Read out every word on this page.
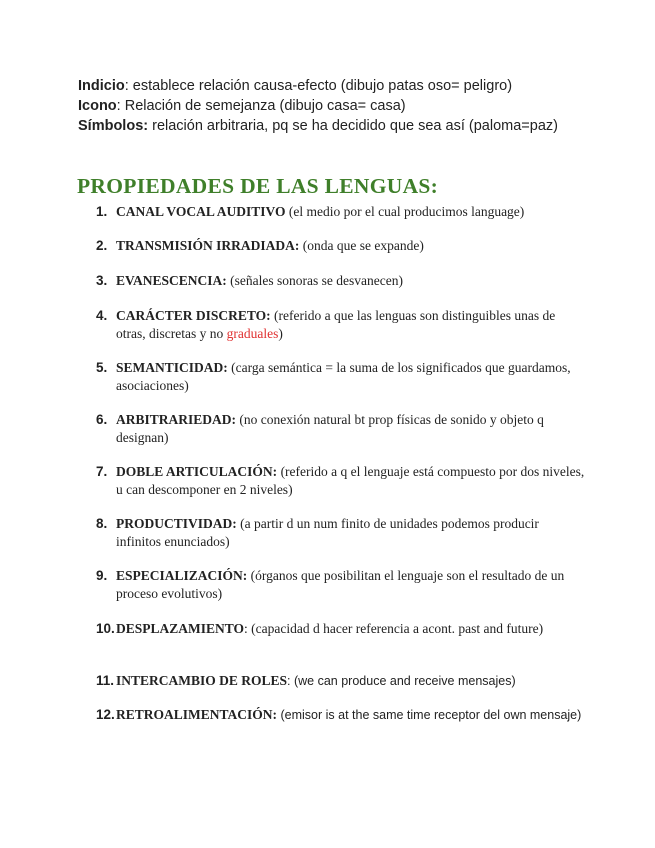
Indicio: establece relación causa-efecto (dibujo patas oso= peligro)
Icono: Relación de semejanza (dibujo casa= casa)
Símbolos: relación arbitraria, pq se ha decidido que sea así (paloma=paz)
PROPIEDADES DE LAS LENGUAS:
1. CANAL VOCAL AUDITIVO (el medio por el cual producimos language)
2. TRANSMISIÓN IRRADIADA: (onda que se expande)
3. EVANESCENCIA: (señales sonoras se desvanecen)
4. CARÁCTER DISCRETO: (referido a que las lenguas son distinguibles unas de otras, discretas y no graduales)
5. SEMANTICIDAD: (carga semántica = la suma de los significados que guardamos, asociaciones)
6. ARBITRARIEDAD: (no conexión natural bt prop físicas de sonido y objeto q designan)
7. DOBLE ARTICULACIÓN: (referido a q el lenguaje está compuesto por dos niveles, u can descomponer en 2 niveles)
8. PRODUCTIVIDAD: (a partir d un num finito de unidades podemos producir infinitos enunciados)
9. ESPECIALIZACIÓN: (órganos que posibilitan el lenguaje son el resultado de un proceso evolutivos)
10. DESPLAZAMIENTO: (capacidad d hacer referencia a acont. past and future)
11. INTERCAMBIO DE ROLES: (we can produce and receive mensajes)
12. RETROALIMENTACIÓN: (emisor is at the same time receptor del own mensaje)
